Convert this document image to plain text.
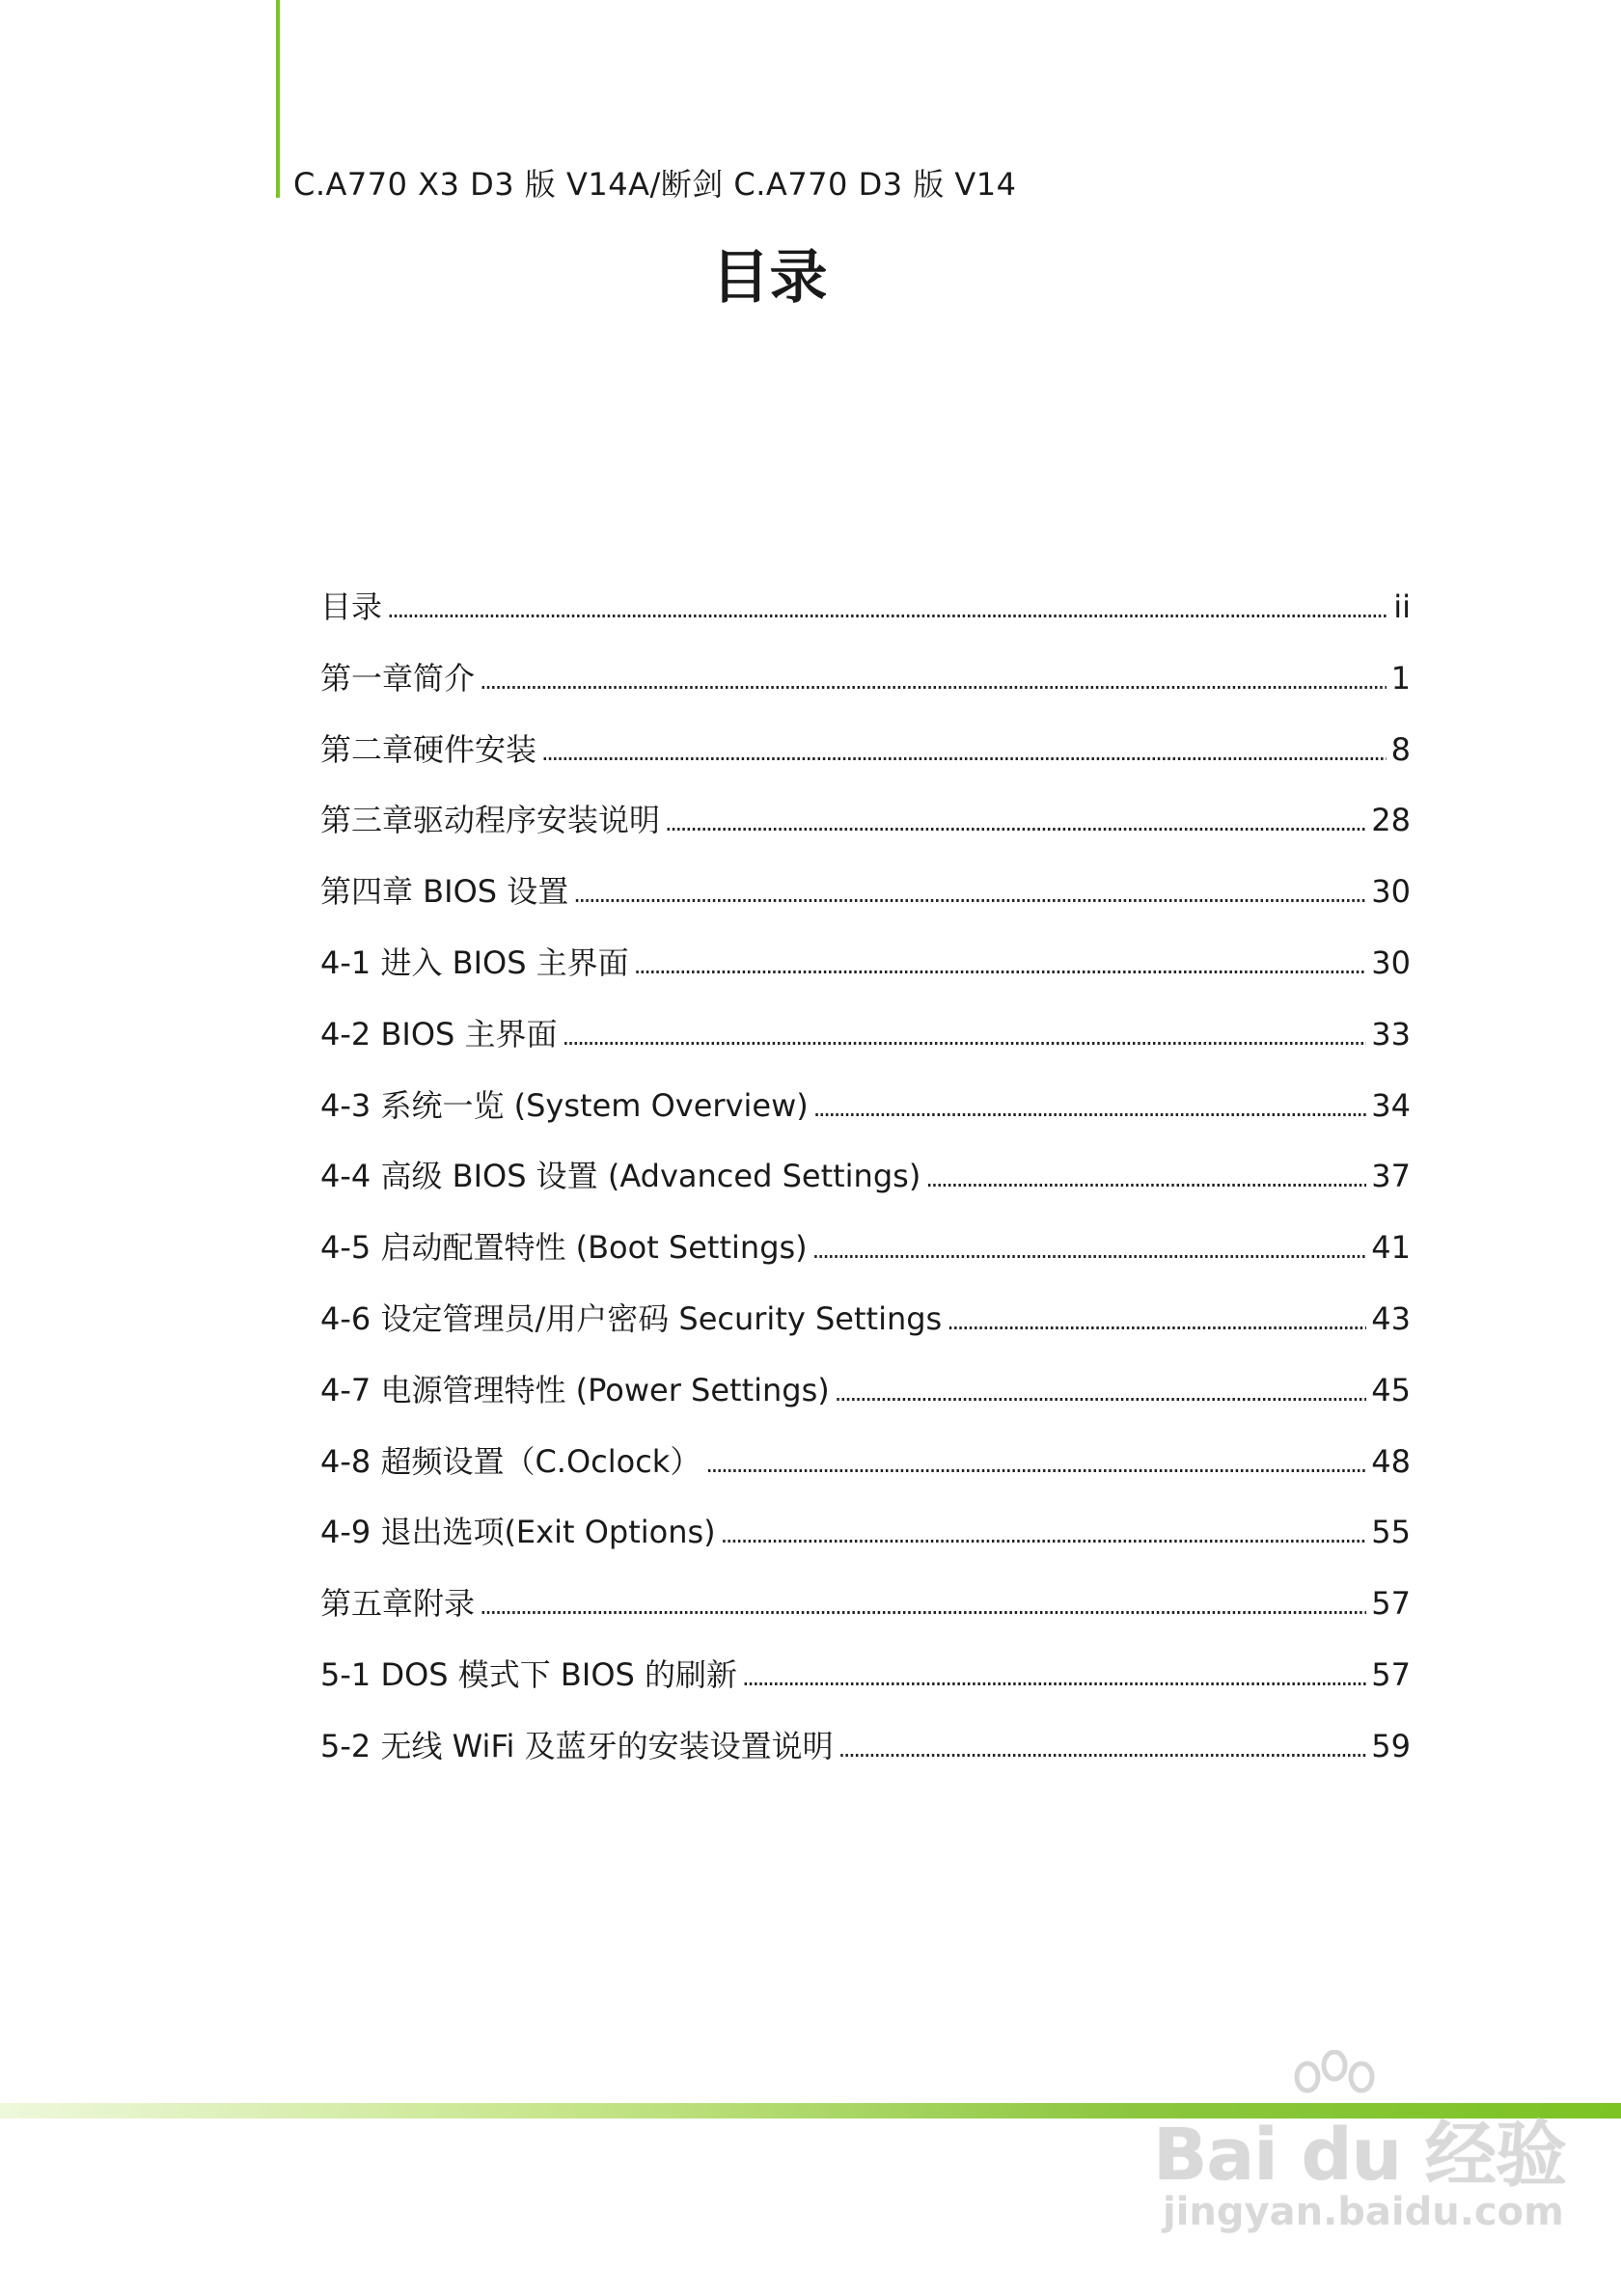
C.A770 X3 D3 版 V14A/断剑 C.A770 D3 版 V14
目录
目录 . . .	ii
第一章简介 . . .	1
第二章硬件安装 . . .	8
第三章驱动程序安装说明 . . .	28
第四章 BIOS 设置 . . .	30
4-1 进入 BIOS 主界面 . . .	30
4-2 BIOS 主界面 . . .	33
4-3 系统一览 (System Overview) . . .	34
4-4 高级 BIOS 设置 (Advanced Settings) . . .	37
4-5 启动配置特性 (Boot Settings) . . .	41
4-6 设定管理员/用户密码 Security Settings . . .	43
4-7 电源管理特性 (Power Settings) . . .	45
4-8 超频设置（C.Oclock） . . .	48
4-9 退出选项(Exit Options) . . .	55
第五章附录 . . .	57
5-1 DOS 模式下 BIOS 的刷新 . . .	57
5-2 无线 WiFi 及蓝牙的安装设置说明 . . .	59
Bai du 经验
jingyan.baidu.com
